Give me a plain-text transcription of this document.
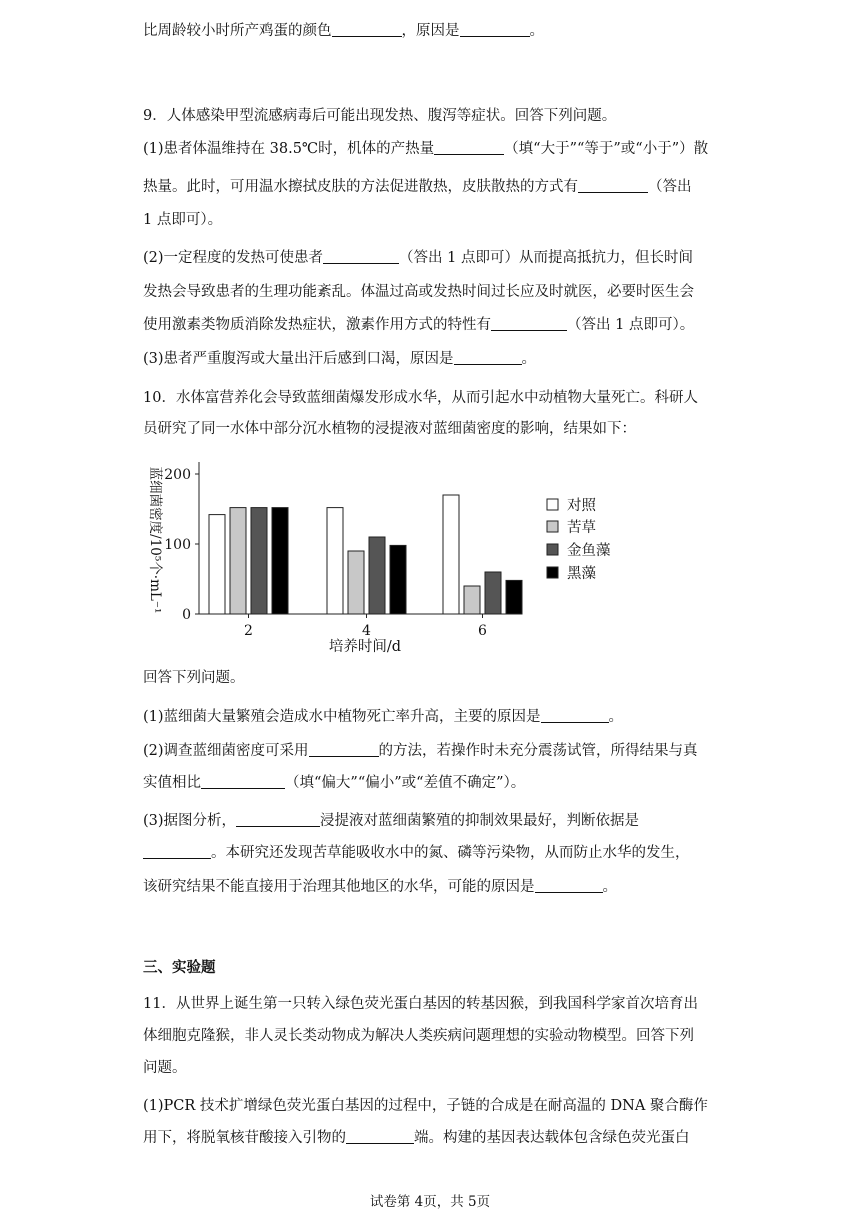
比周龄较小时所产鸡蛋的颜色	，原因是	。
9．人体感染甲型流感病毒后可能出现发热、腹泻等症状。回答下列问题。
(1)患者体温维持在 38.5℃时，机体的产热量	（填“大于”“等于”或“小于”）散
热量。此时，可用温水擦拭皮肤的方法促进散热，皮肤散热的方式有	（答出
1 点即可）。
(2)一定程度的发热可使患者	（答出 1 点即可）从而提高抵抗力，但长时间
发热会导致患者的生理功能紊乱。体温过高或发热时间过长应及时就医，必要时医生会
使用激素类物质消除发热症状，激素作用方式的特性有	（答出 1 点即可）。
(3)患者严重腹泻或大量出汗后感到口渴，原因是	。
10．水体富营养化会导致蓝细菌爆发形成水华，从而引起水中动植物大量死亡。科研人
员研究了同一水体中部分沉水植物的浸提液对蓝细菌密度的影响，结果如下：
回答下列问题。
(1)蓝细菌大量繁殖会造成水中植物死亡率升高，主要的原因是	。
(2)调查蓝细菌密度可采用	的方法，若操作时未充分震荡试管，所得结果与真
实值相比	（填“偏大”“偏小”或“差值不确定”）。
(3)据图分析，	浸提液对蓝细菌繁殖的抑制效果最好，判断依据是
。本研究还发现苦草能吸收水中的氮、磷等污染物，从而防止水华的发生，
该研究结果不能直接用于治理其他地区的水华，可能的原因是	。
11．从世界上诞生第一只转入绿色荧光蛋白基因的转基因猴，到我国科学家首次培育出
体细胞克隆猴，非人灵长类动物成为解决人类疾病问题理想的实验动物模型。回答下列
问题。
(1)PCR 技术扩增绿色荧光蛋白基因的过程中，子链的合成是在耐高温的 DNA 聚合酶作
用下，将脱氧核苷酸接入引物的	端。构建的基因表达载体包含绿色荧光蛋白
三、实验题
0
100
200
2	4	6
培养时间/d
蓝细菌密度/10⁵个·mL⁻¹	对照
苦草
金鱼藻
黑藻
试卷第 4页，共 5页
